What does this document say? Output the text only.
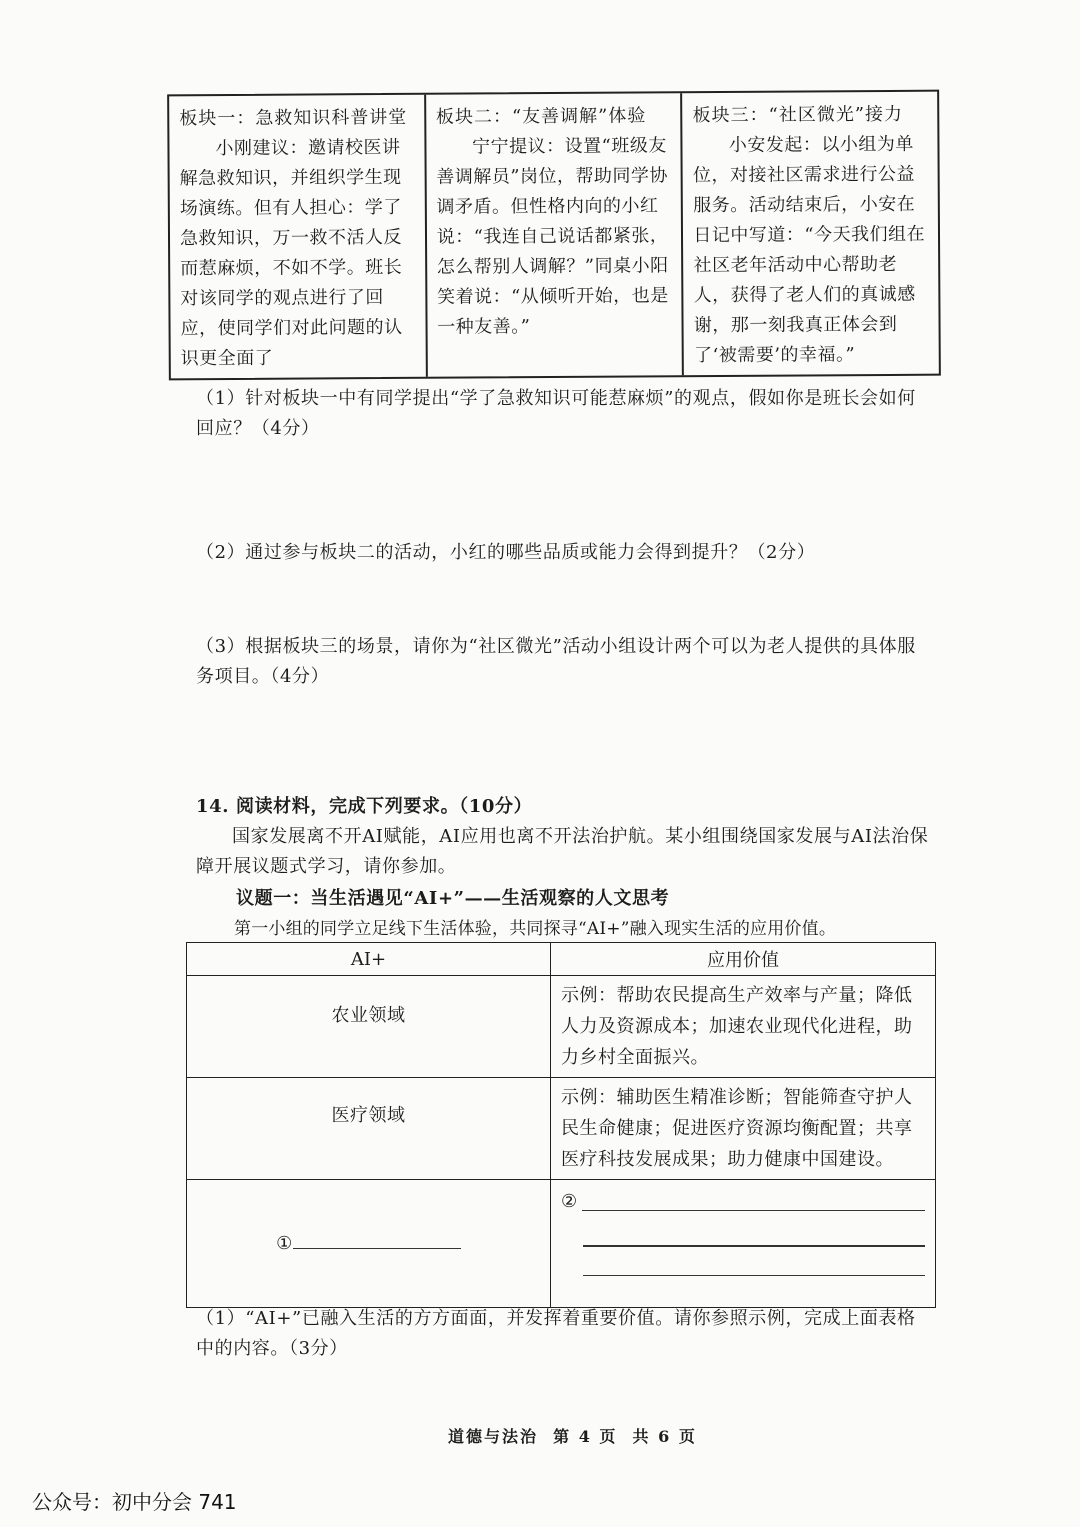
板块一：急救知识科普讲堂
小刚建议：邀请校医讲解急救知识，并组织学生现场演练。但有人担心：学了急救知识，万一救不活人反而惹麻烦，不如不学。班长对该同学的观点进行了回应，使同学们对此问题的认识更全面了
板块二：“友善调解”体验
宁宁提议：设置“班级友善调解员”岗位，帮助同学协调矛盾。但性格内向的小红说：“我连自己说话都紧张，怎么帮别人调解？”同桌小阳笑着说：“从倾听开始，也是一种友善。”
板块三：“社区微光”接力
小安发起：以小组为单位，对接社区需求进行公益服务。活动结束后，小安在日记中写道：“今天我们组在社区老年活动中心帮助老人，获得了老人们的真诚感谢，那一刻我真正体会到了‘被需要’的幸福。”
（1）针对板块一中有同学提出“学了急救知识可能惹麻烦”的观点，假如你是班长会如何回应？（4分）
（2）通过参与板块二的活动，小红的哪些品质或能力会得到提升？（2分）
（3）根据板块三的场景，请你为“社区微光”活动小组设计两个可以为老人提供的具体服务项目。（4分）
14. 阅读材料，完成下列要求。（10分）
国家发展离不开AI赋能，AI应用也离不开法治护航。某小组围绕国家发展与AI法治保障开展议题式学习，请你参加。
议题一：当生活遇见“AI+”——生活观察的人文思考
第一小组的同学立足线下生活体验，共同探寻“AI+”融入现实生活的应用价值。
AI+	应用价值
农业领域	示例：帮助农民提高生产效率与产量；降低人力及资源成本；加速农业现代化进程，助力乡村全面振兴。
医疗领域	示例：辅助医生精准诊断；智能筛查守护人民生命健康；促进医疗资源均衡配置；共享医疗科技发展成果；助力健康中国建设。
①	②
（1）“AI+”已融入生活的方方面面，并发挥着重要价值。请你参照示例，完成上面表格中的内容。（3分）
道德与法治  第 4 页  共 6 页
公众号：初中分会 741
